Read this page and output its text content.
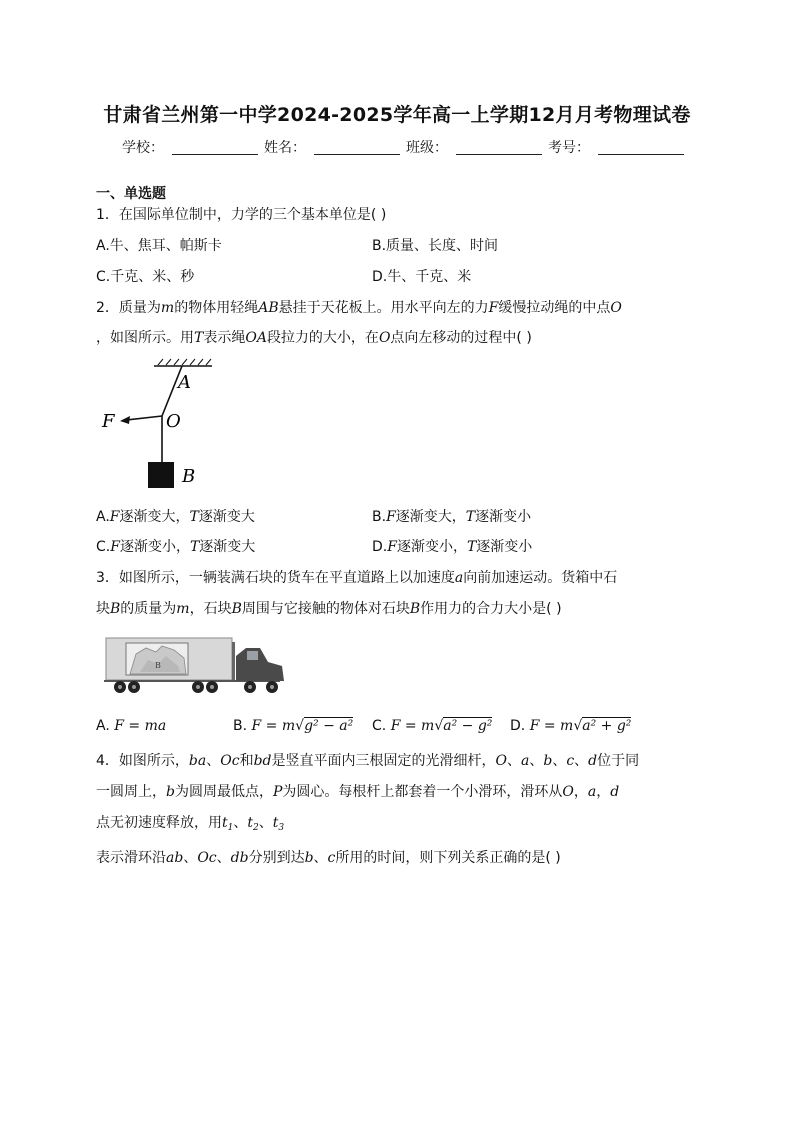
甘肃省兰州第一中学2024-2025学年高一上学期12月月考物理试卷
学校：	姓名：	班级：	考号：
一、单选题
1．在国际单位制中，力学的三个基本单位是( )
A.牛、焦耳、帕斯卡	B.质量、长度、时间
C.千克、米、秒	D.牛、千克、米
2．质量为m的物体用轻绳AB悬挂于天花板上。用水平向左的力F缓慢拉动绳的中点O
，如图所示。用T表示绳OA段拉力的大小，在O点向左移动的过程中( )
A
O
F
B
A.F逐渐变大，T逐渐变大	B.F逐渐变大，T逐渐变小
C.F逐渐变小，T逐渐变大	D.F逐渐变小，T逐渐变小
3．如图所示，一辆装满石块的货车在平直道路上以加速度a向前加速运动。货箱中石
块B的质量为m，石块B周围与它接触的物体对石块B作用力的合力大小是( )
B
A. F = ma	B. F = m√g² − a² C. F = m√a² − g² D. F = m√a² + g²
4．如图所示，ba、Oc和bd是竖直平面内三根固定的光滑细杆，O、a、b、c、d位于同
一圆周上，b为圆周最低点，P为圆心。每根杆上都套着一个小滑环，滑环从O，a，d
点无初速度释放，用$t_1$、$t_2$、$t_3$
表示滑环沿ab、Oc、db分别到达b、c所用的时间，则下列关系正确的是( )
